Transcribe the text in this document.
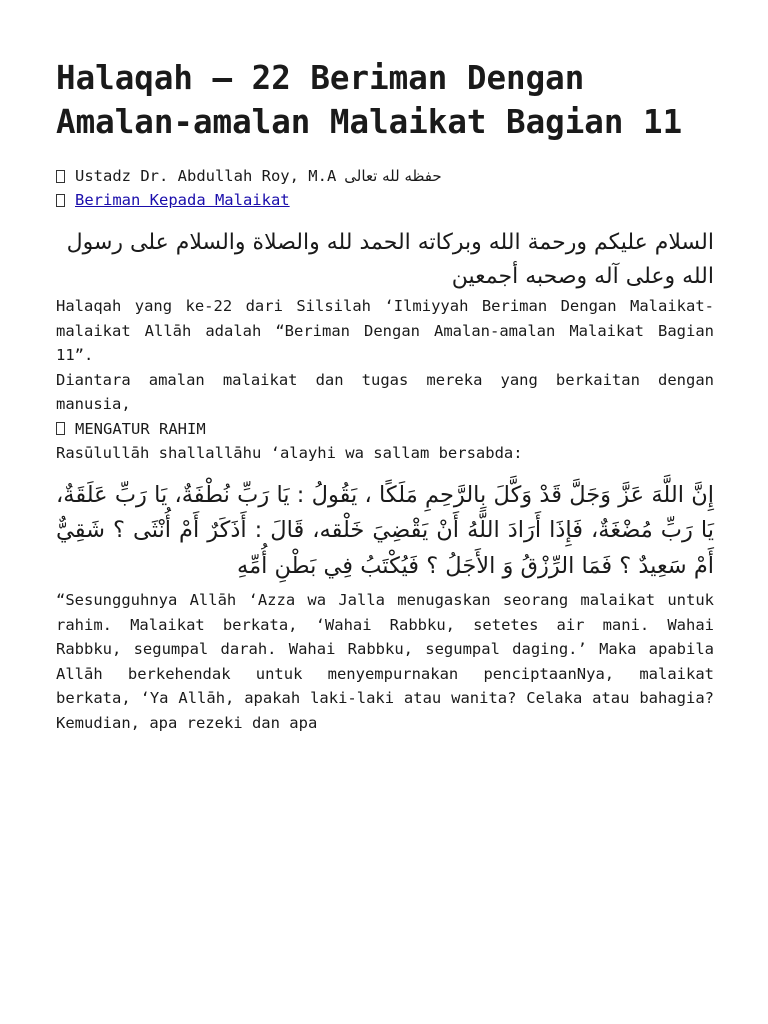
Halaqah – 22 Beriman Dengan Amalan-amalan Malaikat Bagian 11
Ustadz Dr. Abdullah Roy, M.A حفظه لله تعالى
Beriman Kepada Malaikat
السلام عليكم ورحمة الله وبركاته الحمد لله والصلاة والسلام على رسول الله وعلى آله وصحبه أجمعين

Halaqah yang ke-22 dari Silsilah ‘Ilmiyyah Beriman Dengan Malaikat-malaikat Allāh adalah “Beriman Dengan Amalan-amalan Malaikat Bagian 11”.

Diantara amalan malaikat dan tugas mereka yang berkaitan dengan manusia,

MENGATUR RAHIM

Rasūlullāh shallallāhu ‘alayhi wa sallam bersabda:

إِنَّ اللَّهَ عَزَّ وَجَلَّ قَدْ وَكَّلَ بِالرَّحِمِ مَلَكًا ، يَقُولُ : يَا رَبِّ نُطْفَةٌ، يَا رَبِّ عَلَقَةٌ، يَا رَبِّ مُضْغَةٌ، فَإِذَا أَرَادَ اللَّهُ أَنْ يَقْضِيَ خَلْقه، قَالَ : أَذَكَرٌ أَمْ أُنْثَى ؟ شَقِيٌّ أَمْ سَعِيدٌ ؟ فَمَا الرِّزْقُ وَ الأَجَلُ ؟ فَيُكْتَبُ فِي بَطْنِ أُمِّهِ

“Sesungguhnya Allāh ‘Azza wa Jalla menugaskan seorang malaikat untuk rahim. Malaikat berkata, ‘Wahai Rabbku, setetes air mani. Wahai Rabbku, segumpal darah. Wahai Rabbku, segumpal daging.’ Maka apabila Allāh berkehendak untuk menyempurnakan penciptaanNya, malaikat berkata, ‘Ya Allāh, apakah laki-laki atau wanita? Celaka atau bahagia? Kemudian, apa rezeki dan apa
